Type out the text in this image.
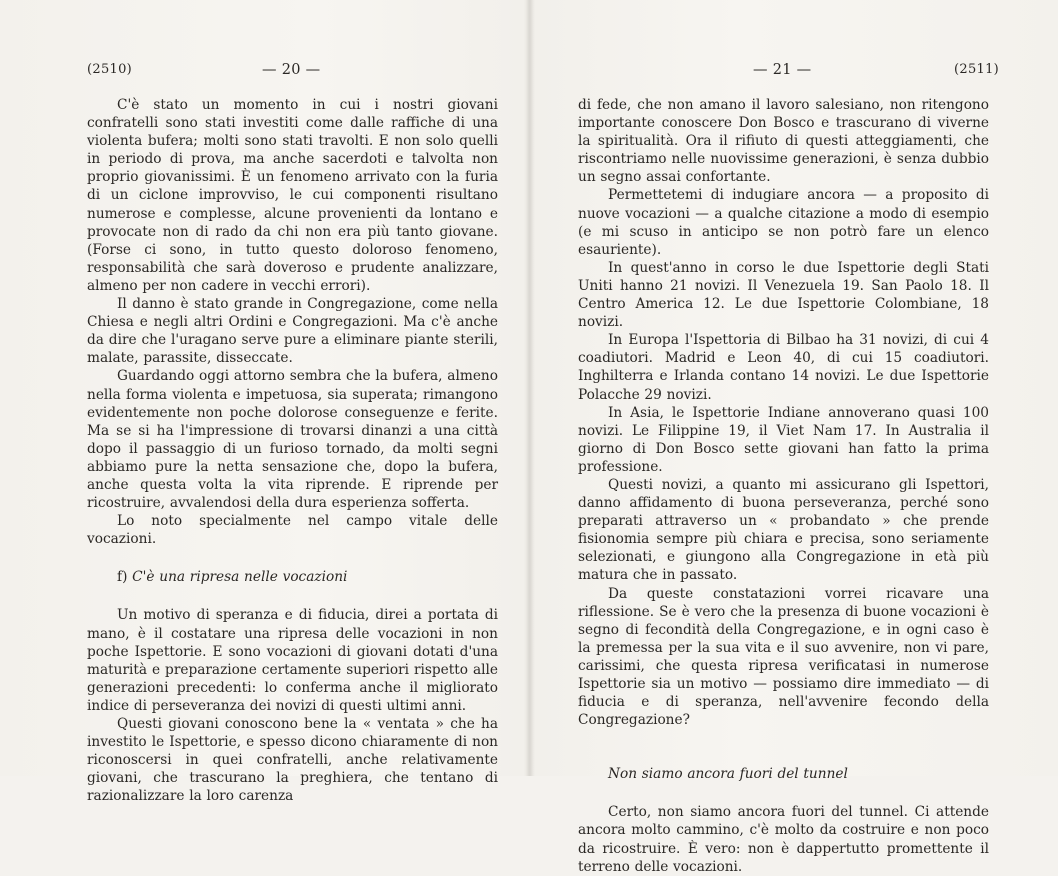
(2510)	— 20 —

C'è stato un momento in cui i nostri giovani confratelli sono stati investiti come dalle raffiche di una violenta bufera; molti sono stati travolti. E non solo quelli in periodo di prova, ma anche sacerdoti e talvolta non proprio giovanissimi. È un fenomeno arrivato con la furia di un ciclone improvviso, le cui componenti risultano numerose e complesse, alcune provenienti da lontano e provocate non di rado da chi non era più tanto giovane. (Forse ci sono, in tutto questo doloroso fenomeno, responsabilità che sarà doveroso e prudente analizzare, almeno per non cadere in vecchi errori).

Il danno è stato grande in Congregazione, come nella Chiesa e negli altri Ordini e Congregazioni. Ma c'è anche da dire che l'uragano serve pure a eliminare piante sterili, malate, parassite, disseccate.

Guardando oggi attorno sembra che la bufera, almeno nella forma violenta e impetuosa, sia superata; rimangono evidentemente non poche dolorose conseguenze e ferite. Ma se si ha l'impressione di trovarsi dinanzi a una città dopo il passaggio di un furioso tornado, da molti segni abbiamo pure la netta sensazione che, dopo la bufera, anche questa volta la vita riprende. E riprende per ricostruire, avvalendosi della dura esperienza sofferta.

Lo noto specialmente nel campo vitale delle vocazioni.

f) C'è una ripresa nelle vocazioni

Un motivo di speranza e di fiducia, direi a portata di mano, è il costatare una ripresa delle vocazioni in non poche Ispettorie. E sono vocazioni di giovani dotati d'una maturità e preparazione certamente superiori rispetto alle generazioni precedenti: lo conferma anche il migliorato indice di perseveranza dei novizi di questi ultimi anni.

Questi giovani conoscono bene la « ventata » che ha investito le Ispettorie, e spesso dicono chiaramente di non riconoscersi in quei confratelli, anche relativamente giovani, che trascurano la preghiera, che tentano di razionalizzare la loro carenza

— 21 —	(2511)

di fede, che non amano il lavoro salesiano, non ritengono importante conoscere Don Bosco e trascurano di viverne la spiritualità. Ora il rifiuto di questi atteggiamenti, che riscontriamo nelle nuovissime generazioni, è senza dubbio un segno assai confortante.

Permettetemi di indugiare ancora — a proposito di nuove vocazioni — a qualche citazione a modo di esempio (e mi scuso in anticipo se non potrò fare un elenco esauriente).

In quest'anno in corso le due Ispettorie degli Stati Uniti hanno 21 novizi. Il Venezuela 19. San Paolo 18. Il Centro America 12. Le due Ispettorie Colombiane, 18 novizi.

In Europa l'Ispettoria di Bilbao ha 31 novizi, di cui 4 coadiutori. Madrid e Leon 40, di cui 15 coadiutori. Inghilterra e Irlanda contano 14 novizi. Le due Ispettorie Polacche 29 novizi.

In Asia, le Ispettorie Indiane annoverano quasi 100 novizi. Le Filippine 19, il Viet Nam 17. In Australia il giorno di Don Bosco sette giovani han fatto la prima professione.

Questi novizi, a quanto mi assicurano gli Ispettori, danno affidamento di buona perseveranza, perché sono preparati attraverso un « probandato » che prende fisionomia sempre più chiara e precisa, sono seriamente selezionati, e giungono alla Congregazione in età più matura che in passato.

Da queste constatazioni vorrei ricavare una riflessione. Se è vero che la presenza di buone vocazioni è segno di fecondità della Congregazione, e in ogni caso è la premessa per la sua vita e il suo avvenire, non vi pare, carissimi, che questa ripresa verificatasi in numerose Ispettorie sia un motivo — possiamo dire immediato — di fiducia e di speranza, nell'avvenire fecondo della Congregazione?

Non siamo ancora fuori del tunnel

Certo, non siamo ancora fuori del tunnel. Ci attende ancora molto cammino, c'è molto da costruire e non poco da ricostruire. È vero: non è dappertutto promettente il terreno delle vocazioni.
